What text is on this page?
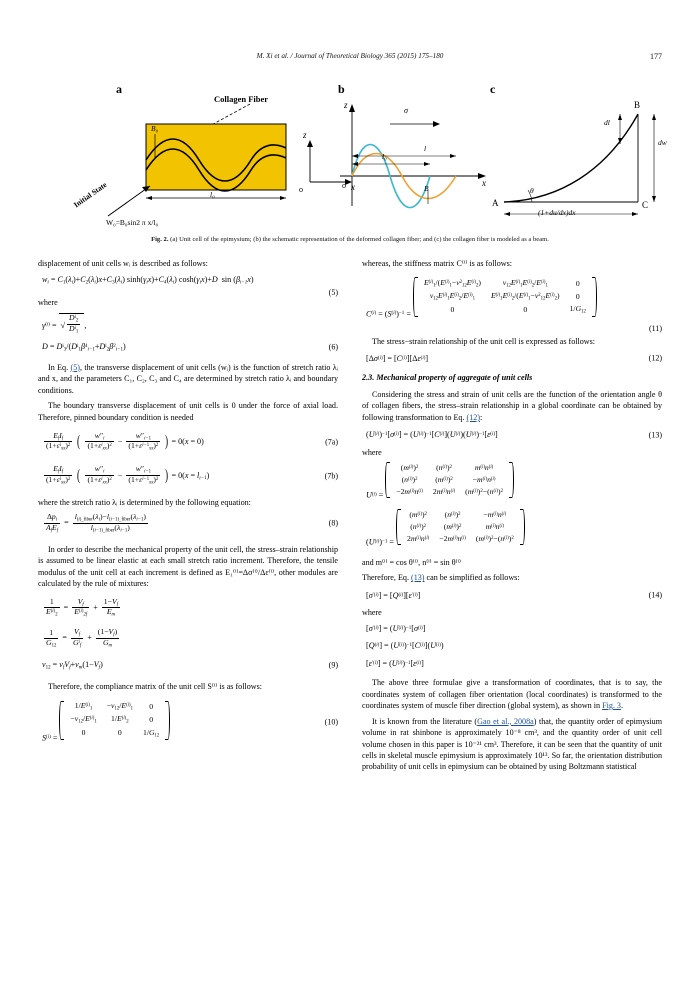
M. Xi et al. / Journal of Theoretical Biology 365 (2015) 175–180	177
a	b	c
z
x
o
Collagen Fiber
Initial State
B₀
l₀
W₀=B₀sin2 π x/l₀
z
x
o
σ
l₀
l
B
A
B
C
dl
dw
θ
(1+du/dx)dx
Fig. 2. (a) Unit cell of the epimysium; (b) the schematic representation of the deformed collagen fiber; and (c) the collagen fiber is modeled as a beam.

displacement of unit cells wᵢ is described as follows:

$w_i = C_1(\lambda_i)+C_2(\lambda_i)x+C_3(\lambda_i)$ $\sinh(\gamma_ix)+C_4(\lambda_i)$ $\cosh(\gamma_ix)+D$  $\sin (\beta_{i-1}x)$
(5)

where

$\gamma^{(i)}$ = √ $\frac{D^i_2}{D^i_1}$ ,
$D = D^i_3/(D^i_1\beta^4_{i-1}+D^i_2\beta^2_{i-1})$	(6)

In Eq. (5), the transverse displacement of unit cells (wᵢ) is the function of stretch ratio λᵢ and x, and the parameters C₁, C₂, C₃ and C₄ are determined by stretch ratio λᵢ and boundary conditions.

The boundary transverse displacement of unit cells is 0 under the force of axial load. Therefore, pinned boundary condition is needed

$\frac{E_fI_f}{(1+\varepsilon^i_{xx})^2}$ ( $\frac{w''_i}{(1+\varepsilon^i_{xx})^2} - \frac{w''_{i-1}}{(1+\varepsilon^{i-1}_{xx})^2}$ ) = 0(x = 0)	(7a)
$\frac{E_fI_f}{(1+\varepsilon^i_{xx})^2}$ ( $\frac{w''_i}{(1+\varepsilon^i_{xx})^2} - \frac{w''_{i-1}}{(1+\varepsilon^{i-1}_{xx})^2}$ ) = $0(x = l_{i-1})$	(7b)

where the stretch ratio λᵢ is determined by the following equation:

$\frac{\Delta p_i}{A_fE_f} = \frac{l_{(i)\_fiber}(\lambda_i)-l_{(i-1)\_fiber}(\lambda_{i-1})}{l_{(i-1)\_fiber}(\lambda_{i-1})}$	(8)

In order to describe the mechanical property of the unit cell, the stress–strain relationship is assumed to be linear elastic at each small stretch ratio increment. Therefore, the tensile modulus of the unit cell at each increment is defined as E₁⁽ⁱ⁾=Δσ⁽ⁱ⁾/Δε⁽ⁱ⁾, other modules are calculated by the rule of mixtures:

$\frac{1}{E^{(i)}_2} = \frac{V_f}{E^{(i)}_{2f}} + \frac{1-V_f}{E_m}$
$\frac{1}{G_{12}} = \frac{V_f}{G^i_f} + \frac{(1-V_f)}{G_m}$
$v_{12} = v_fV_f+v_m(1-V_f)$	(9)

Therefore, the compliance matrix of the unit cell S⁽ⁱ⁾ is as follows:

$S^{(i)}$ =
$1/E^{(i)}_1$	$-v_{12}/E^{(i)}_1$	0
$-v_{12}/E^{(i)}_1$	$1/E^{(i)}_2$	0
0	0	$1/G_{12}$
(10)

whereas, the stiffness matrix C⁽ⁱ⁾ is as follows:

$C^{(i)} = (S^{(i)})^{-1}$ =
$E^{(i)}_1/(E^{(i)}_1-v^2_{12}E^{(i)}_2)$	$v_{12}E^{(i)}_1E^{(i)}_2/E^{(i)}_1$	0
$v_{12}E^{(i)}_1E^{(i)}_2/E^{(i)}_1$	$E^{(i)}_1E^{(i)}_2/(E^{(i)}_1-v^2_{12}E^{(i)}_2)$	0
0	0	$1/G_{12}$
(11)

The stress−strain relationship of the unit cell is expressed as follows:

$[\Delta\sigma^{(i)}] = [C^{(i)}][\Delta\varepsilon^{(i)}]$	(12)
2.3. Mechanical property of aggregate of unit cells

Considering the stress and strain of unit cells are the function of the orientation angle θ of collagen fibers, the stress–strain relationship in a global coordinate can be obtained by following transformation to Eq. (12):

$(U^{(i)})^{-1}[\sigma^{(i)}] = (U^{(i)})^{-1}[C^{(i)}](U^{(i)})(U^{(i)})^{-1}[\varepsilon^{(i)}]$	(13)

where

$U^{(i)}$ =
$(m^{(i)})^2$	$(n^{(i)})^2$	$m^{(i)}n^{(i)}$
$(n^{(i)})^2$	$(m^{(i)})^2$	$-m^{(i)}n^{(i)}$
$-2m^{(i)}n^{(i)}$	$2m^{(i)}n^{(i)}$	$(m^{(i)})^2-(n^{(i)})^2$
$(U^{(i)})^{-1}$ =
$(m^{(i)})^2$	$(n^{(i)})^2$	$-m^{(i)}n^{(i)}$
$(n^{(i)})^2$	$(m^{(i)})^2$	$m^{(i)}n^{(i)}$
$2m^{(i)}n^{(i)}$	$-2m^{(i)}n^{(i)}$	$(m^{(i)})^2-(n^{(i)})^2$

and m⁽ⁱ⁾ = cos θ⁽ⁱ⁾, n⁽ⁱ⁾ = sin θ⁽ⁱ⁾

Therefore, Eq. (13) can be simplified as follows:

$[\sigma^{'(i)}] = [Q^{(i)}][\varepsilon^{'(i)}]$	(14)

where

$[\sigma^{'(i)}] = (U^{(i)})^{-1}[\sigma^{(i)}]$
$[Q^{(i)}] = (U^{(i)})^{-1}[C^{(i)}](U^{(i)})$
$[\varepsilon^{'(i)}] = (U^{(i)})^{-1}[\varepsilon^{(i)}]$

The above three formulae give a transformation of coordinates, that is to say, the coordinates system of collagen fiber orientation (local coordinates) is transformed to the coordinates system of muscle fiber direction (global system), as shown in Fig. 3.

It is known from the literature (Gao et al., 2008a) that, the quantity order of epimysium volume in rat shinbone is approximately 10⁻⁸ cm³, and the quantity order of unit cell volume chosen in this paper is 10⁻²¹ cm³. Therefore, it can be seen that the quantity of unit cells in skeletal muscle epimysium is approximately 10¹³. So far, the orientation distribution probability of unit cells in epimysium can be obtained by using Boltzmann statistical
